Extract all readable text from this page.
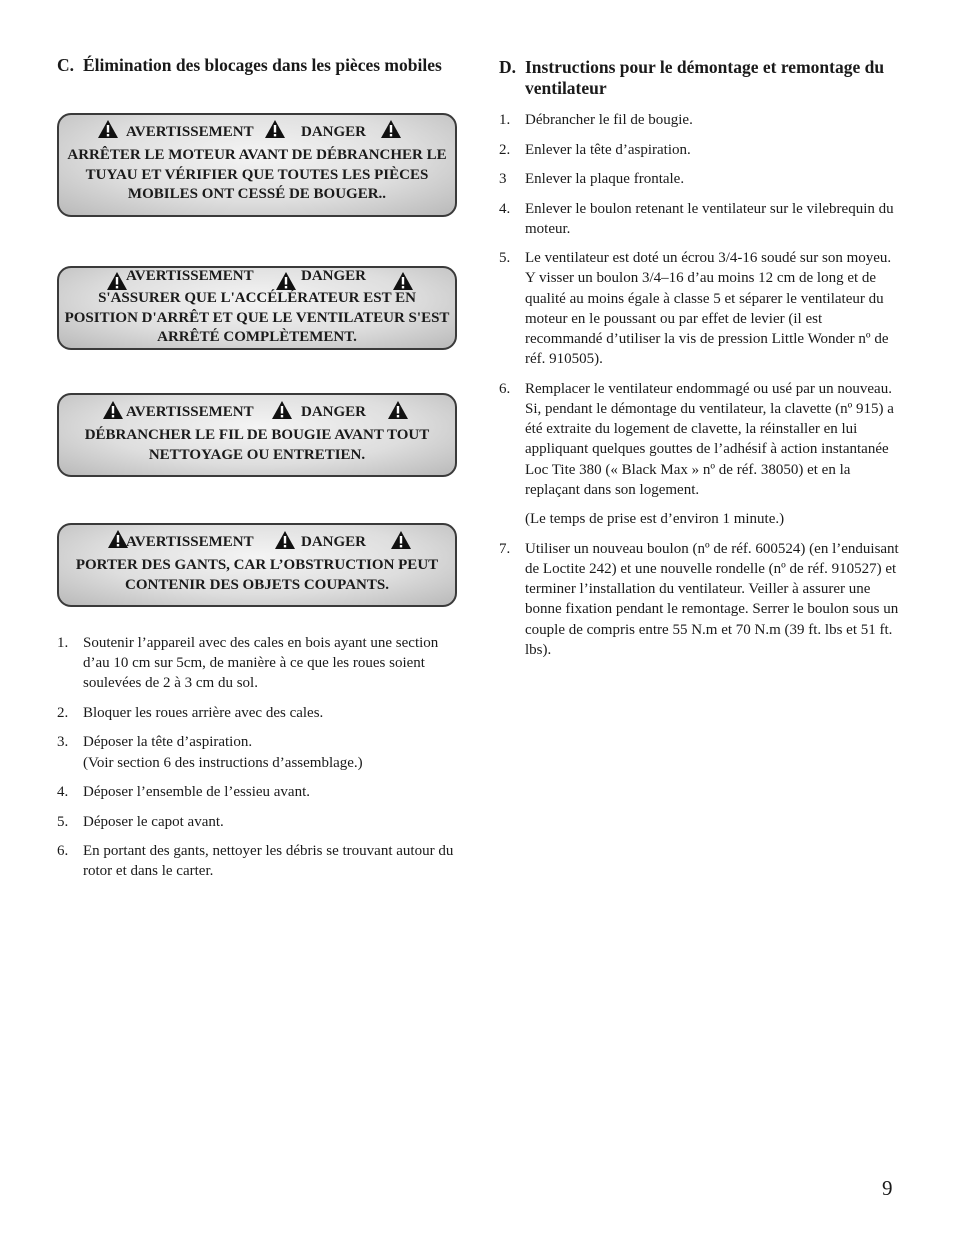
C. Élimination des blocages dans les pièces mobiles
AVERTISSEMENT	DANGER
ARRÊTER LE MOTEUR AVANT DE DÉBRANCHER LE TUYAU ET VÉRIFIER QUE TOUTES LES PIÈCES MOBILES ONT CESSÉ DE BOUGER..
AVERTISSEMENT	DANGER
S'ASSURER QUE L'ACCÉLÉRATEUR EST EN POSITION D'ARRÊT ET QUE LE VENTILATEUR S'EST ARRÊTÉ COMPLÈTEMENT.
AVERTISSEMENT	DANGER
DÉBRANCHER LE FIL DE BOUGIE AVANT TOUT NETTOYAGE OU ENTRETIEN.
AVERTISSEMENT	DANGER
PORTER DES GANTS, CAR L’OBSTRUCTION PEUT CONTENIR DES OBJETS COUPANTS.
1. Soutenir l’appareil avec des cales en bois ayant une section d’au 10 cm sur 5cm, de manière à ce que les roues soient soulevées de 2 à 3 cm du sol.
2. Bloquer les roues arrière avec des cales.
3. Déposer la tête d’aspiration.
(Voir section 6 des instructions d’assemblage.)
4. Déposer l’ensemble de l’essieu avant.
5. Déposer le capot avant.
6. En portant des gants, nettoyer les débris se trouvant autour du rotor et dans le carter.
D. Instructions pour le démontage et remontage du ventilateur
1. Débrancher le fil de bougie.
2. Enlever la tête d’aspiration.
3	Enlever la plaque frontale.
4. Enlever le boulon retenant le ventilateur sur le vilebrequin du moteur.
5. Le ventilateur est doté un écrou 3/4-16 soudé sur son moyeu. Y visser un boulon 3/4–16 d’au moins 12 cm de long et de qualité au moins égale à classe 5 et séparer le ventilateur du moteur en le poussant ou par effet de levier (il est recommandé d’utiliser la vis de pression Little Wonder nº de réf. 910505).
6. Remplacer le ventilateur endommagé ou usé par un nouveau. Si, pendant le démontage du ventilateur, la clavette (nº 915) a été extraite du logement de clavette, la réinstaller en lui appliquant quelques gouttes de l’adhésif à action instantanée Loc Tite 380 (« Black Max » nº de réf. 38050) et en la replaçant dans son logement.
(Le temps de prise est d’environ 1 minute.)
7. Utiliser un nouveau boulon (nº de réf. 600524) (en l’enduisant de Loctite 242) et une nouvelle rondelle (nº de réf. 910527) et terminer l’installation du ventilateur. Veiller à assurer une bonne fixation pendant le remontage. Serrer le boulon sous un couple de compris entre 55 N.m et 70 N.m (39 ft. lbs et 51 ft. lbs).
9
